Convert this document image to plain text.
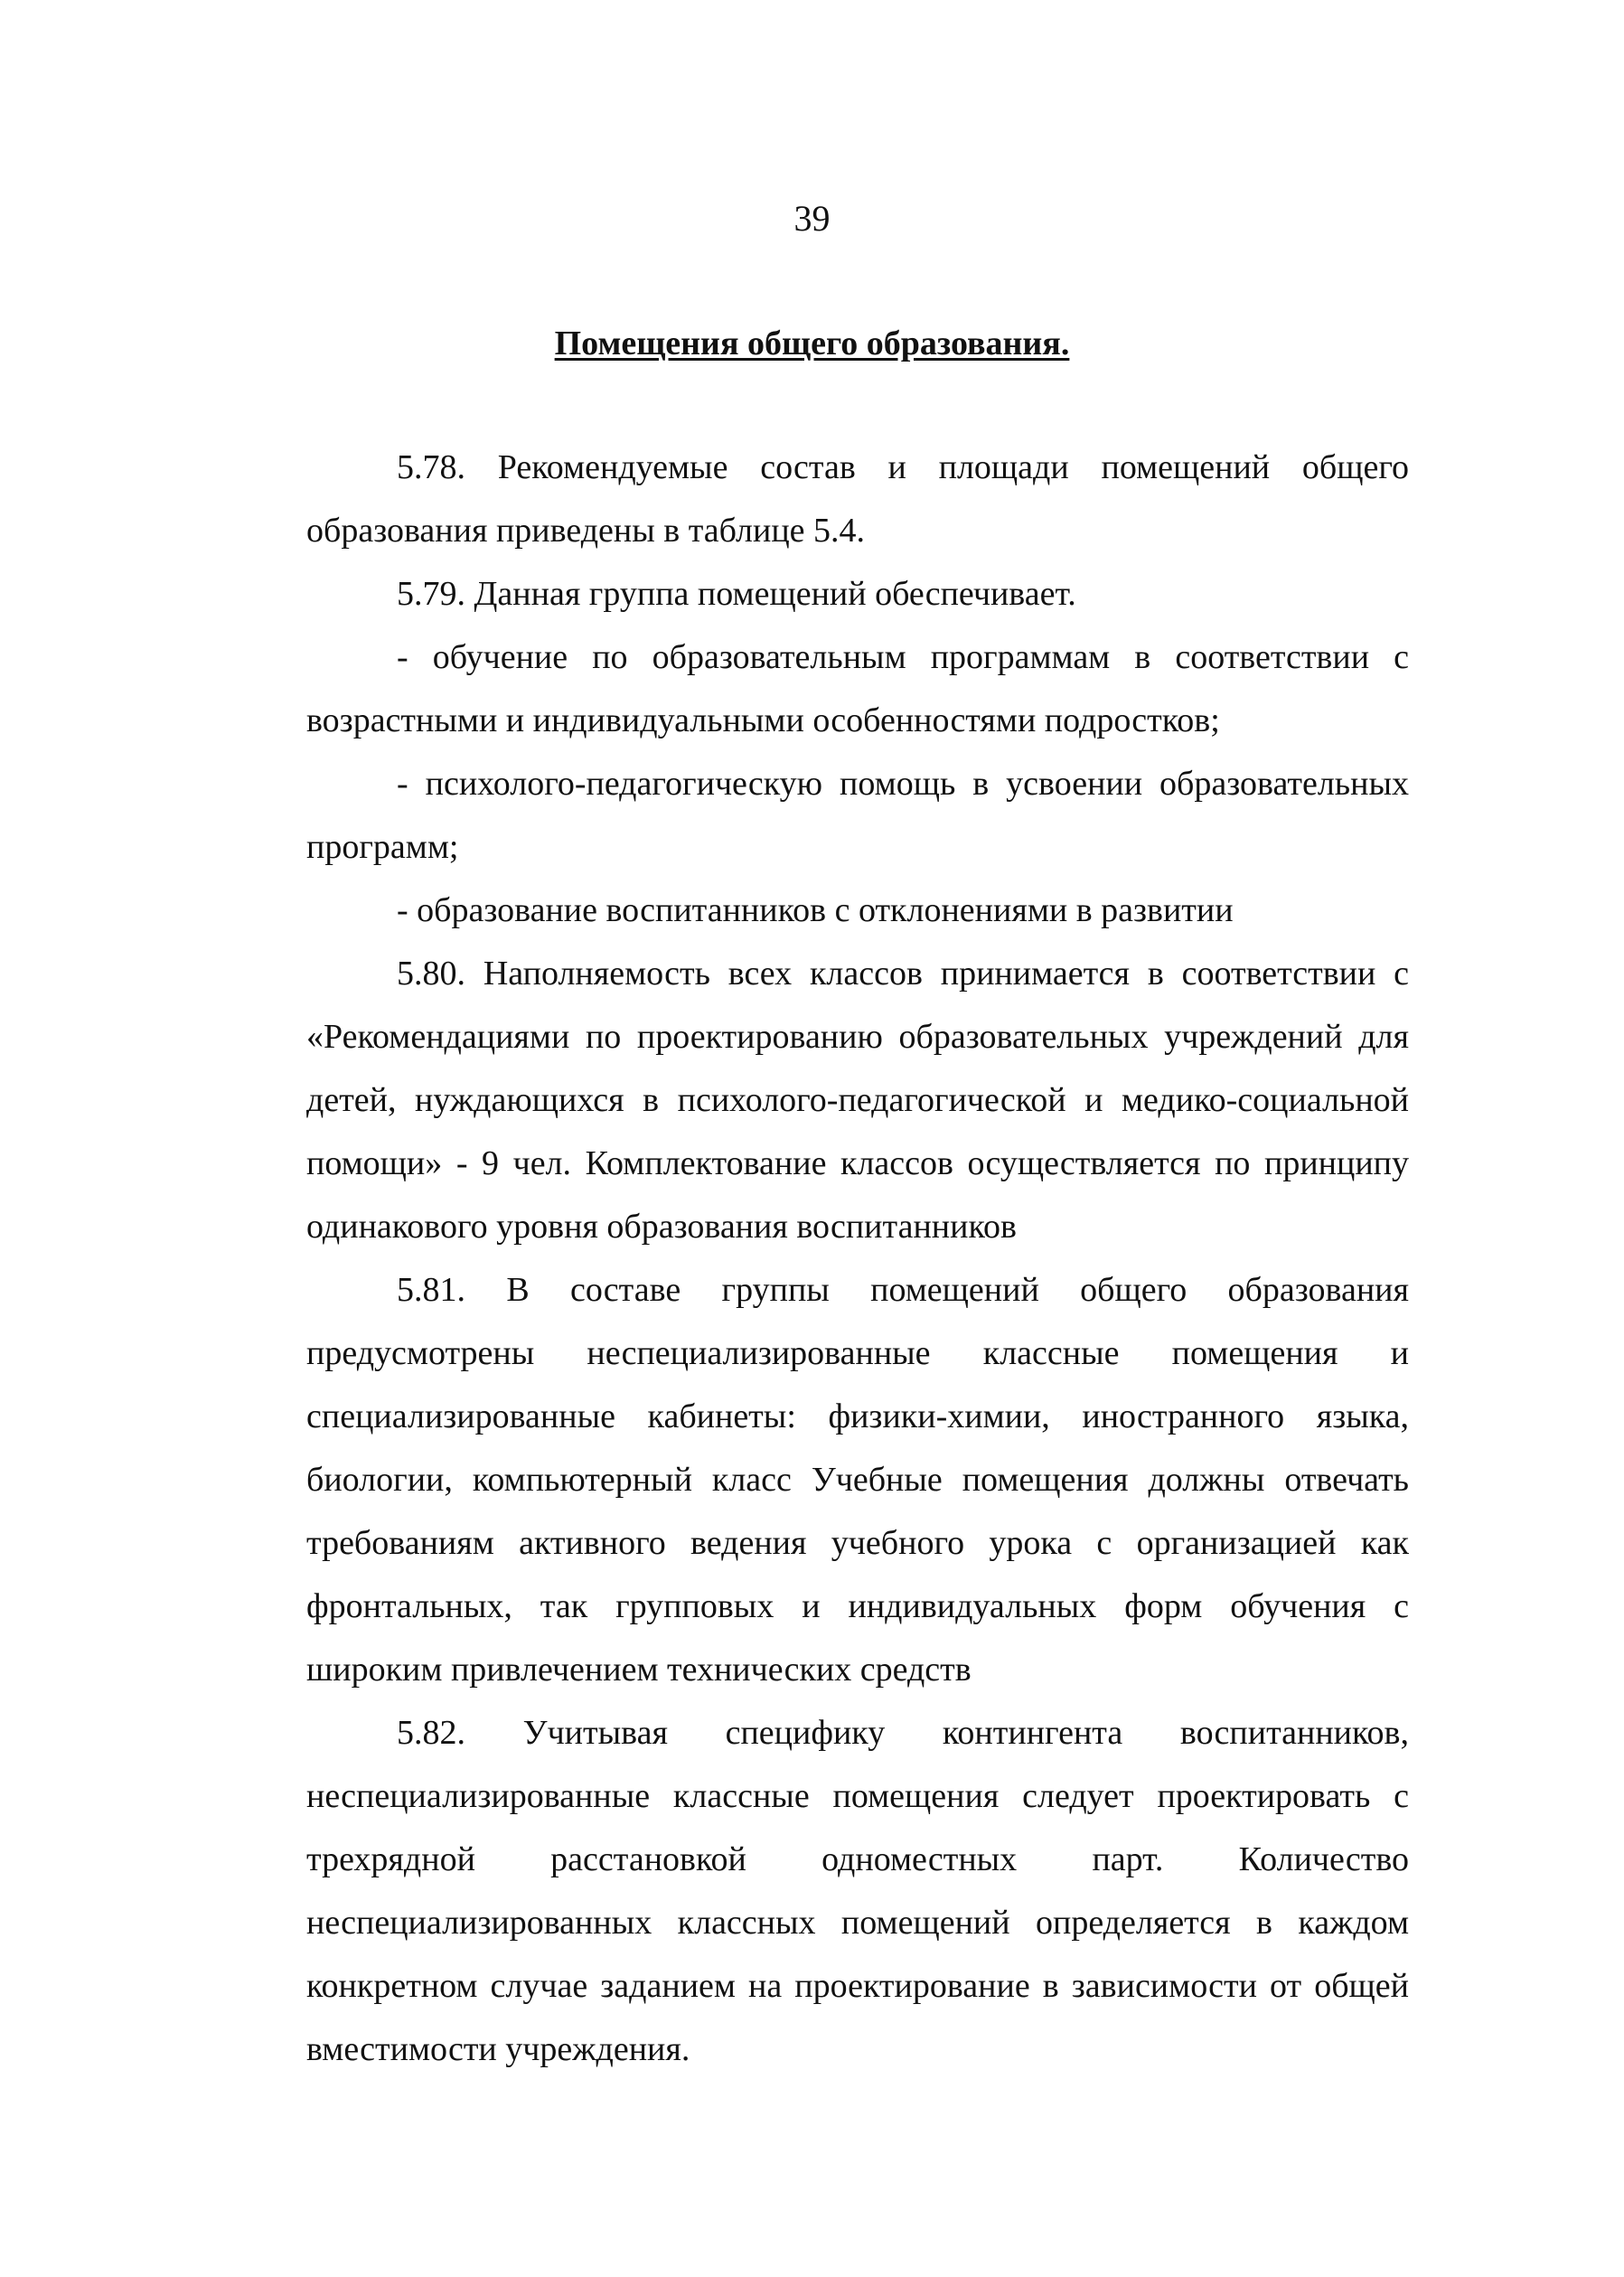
39
Помещения общего образования.

5.78. Рекомендуемые состав и площади помещений общего образования приведены в таблице 5.4.

5.79. Данная группа помещений обеспечивает.

- обучение по образовательным программам в соответствии с возрастными и индивидуальными особенностями подростков;

- психолого-педагогическую помощь в усвоении образовательных программ;

- образование воспитанников с отклонениями в развитии

5.80. Наполняемость всех классов принимается в соответствии с «Рекомендациями по проектированию образовательных учреждений для детей, нуждающихся в психолого-педагогической и медико-социальной помощи» - 9 чел. Комплектование классов осуществляется по принципу одинакового уровня образования воспитанников

5.81. В составе группы помещений общего образования предусмотрены неспециализированные классные помещения и специализированные кабинеты: физики-химии, иностранного языка, биологии, компьютерный класс Учебные помещения должны отвечать требованиям активного ведения учебного урока с организацией как фронтальных, так групповых и индивидуальных форм обучения с широким привлечением технических средств

5.82. Учитывая специфику контингента воспитанников, неспециализированные классные помещения следует проектировать с трехрядной расстановкой одноместных парт. Количество неспециализированных классных помещений определяется в каждом конкретном случае заданием на проектирование в зависимости от общей вместимости учреждения.
